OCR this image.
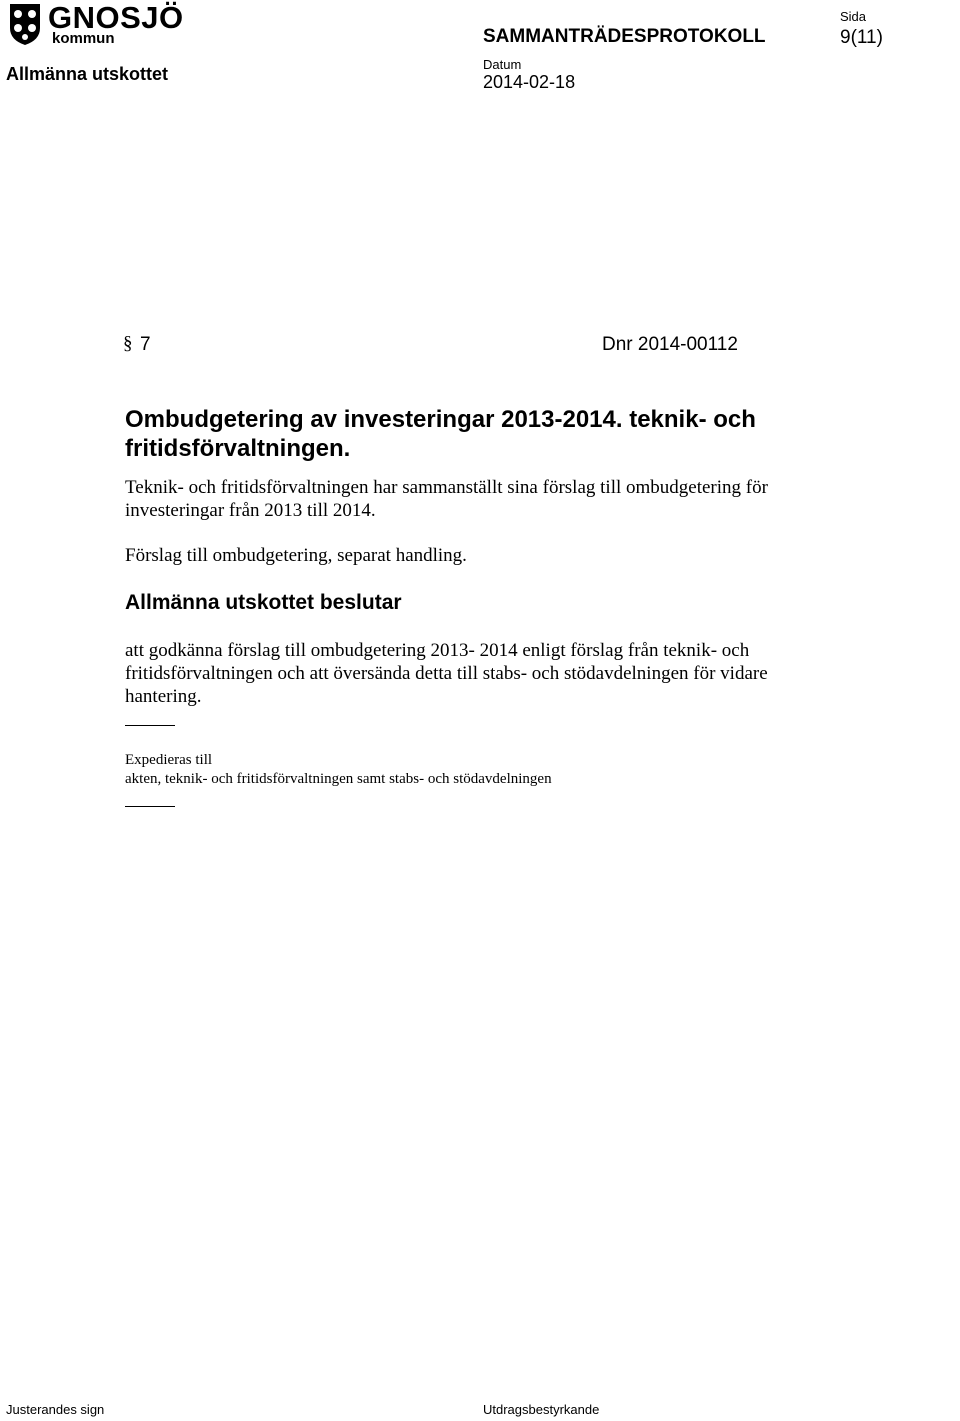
GNOSJÖ
kommun
Allmänna utskottet
SAMMANTRÄDESPROTOKOLL
Datum
2014-02-18
Sida
9(11)
§ 7	Dnr 2014-00112
Ombudgetering av investeringar 2013-2014. teknik- och fritidsförvaltningen.
Teknik- och fritidsförvaltningen har sammanställt sina förslag till ombudgetering för investeringar från 2013 till 2014.
Förslag till ombudgetering, separat handling.
Allmänna utskottet beslutar
att godkänna förslag till ombudgetering 2013- 2014 enligt förslag från teknik- och fritidsförvaltningen och att översända detta till stabs- och stödavdelningen för vidare hantering.
Expedieras till
akten, teknik- och fritidsförvaltningen samt stabs- och stödavdelningen
Justerandes sign	Utdragsbestyrkande
